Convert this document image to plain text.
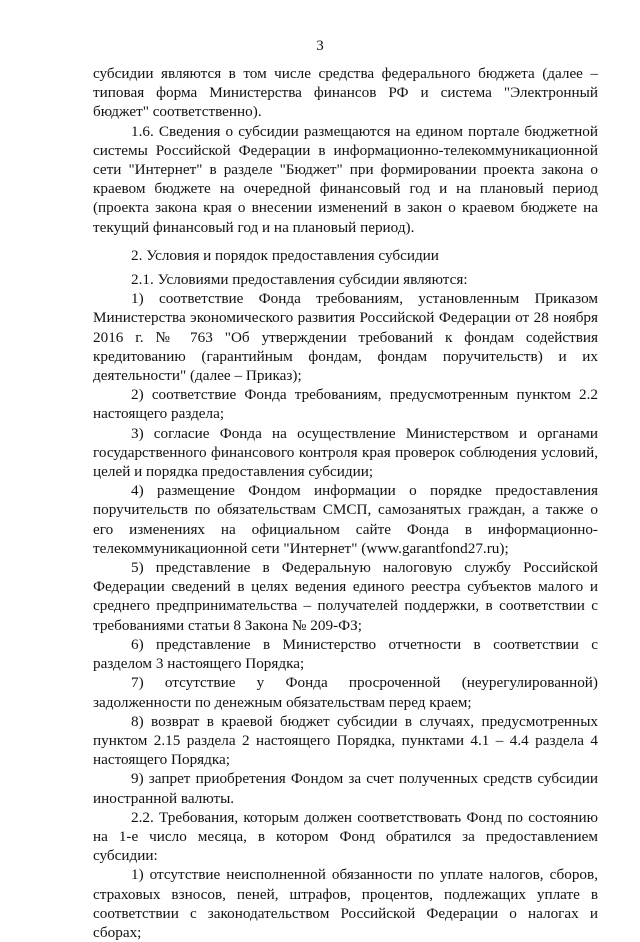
3

субсидии являются в том числе средства федерального бюджета (далее – типовая форма Министерства финансов РФ и система "Электронный бюджет" соответственно).

1.6. Сведения о субсидии размещаются на едином портале бюджетной системы Российской Федерации в информационно-телекоммуникационной сети "Интернет" в разделе "Бюджет" при формировании проекта закона о краевом бюджете на очередной финансовый год и на плановый период (проекта закона края о внесении изменений в закон о краевом бюджете на текущий финансовый год и на плановый период).

2. Условия и порядок предоставления субсидии

2.1. Условиями предоставления субсидии являются:

1) соответствие Фонда требованиям, установленным Приказом Министерства экономического развития Российской Федерации от 28 ноября 2016 г. № 763 "Об утверждении требований к фондам содействия кредитованию (гарантийным фондам, фондам поручительств) и их деятельности" (далее – Приказ);

2) соответствие Фонда требованиям, предусмотренным пунктом 2.2 настоящего раздела;

3) согласие Фонда на осуществление Министерством и органами государственного финансового контроля края проверок соблюдения условий, целей и порядка предоставления субсидии;

4) размещение Фондом информации о порядке предоставления поручительств по обязательствам СМСП, самозанятых граждан, а также о его изменениях на официальном сайте Фонда в информационно-телекоммуникационной сети "Интернет" (www.garantfond27.ru);

5) представление в Федеральную налоговую службу Российской Федерации сведений в целях ведения единого реестра субъектов малого и среднего предпринимательства – получателей поддержки, в соответствии с требованиями статьи 8 Закона № 209-ФЗ;

6) представление в Министерство отчетности в соответствии с разделом 3 настоящего Порядка;

7) отсутствие у Фонда просроченной (неурегулированной) задолженности по денежным обязательствам перед краем;

8) возврат в краевой бюджет субсидии в случаях, предусмотренных пунктом 2.15 раздела 2 настоящего Порядка, пунктами 4.1 – 4.4 раздела 4 настоящего Порядка;

9) запрет приобретения Фондом за счет полученных средств субсидии иностранной валюты.

2.2. Требования, которым должен соответствовать Фонд по состоянию на 1-е число месяца, в котором Фонд обратился за предоставлением субсидии:

1) отсутствие неисполненной обязанности по уплате налогов, сборов, страховых взносов, пеней, штрафов, процентов, подлежащих уплате в соответствии с законодательством Российской Федерации о налогах и сборах;
